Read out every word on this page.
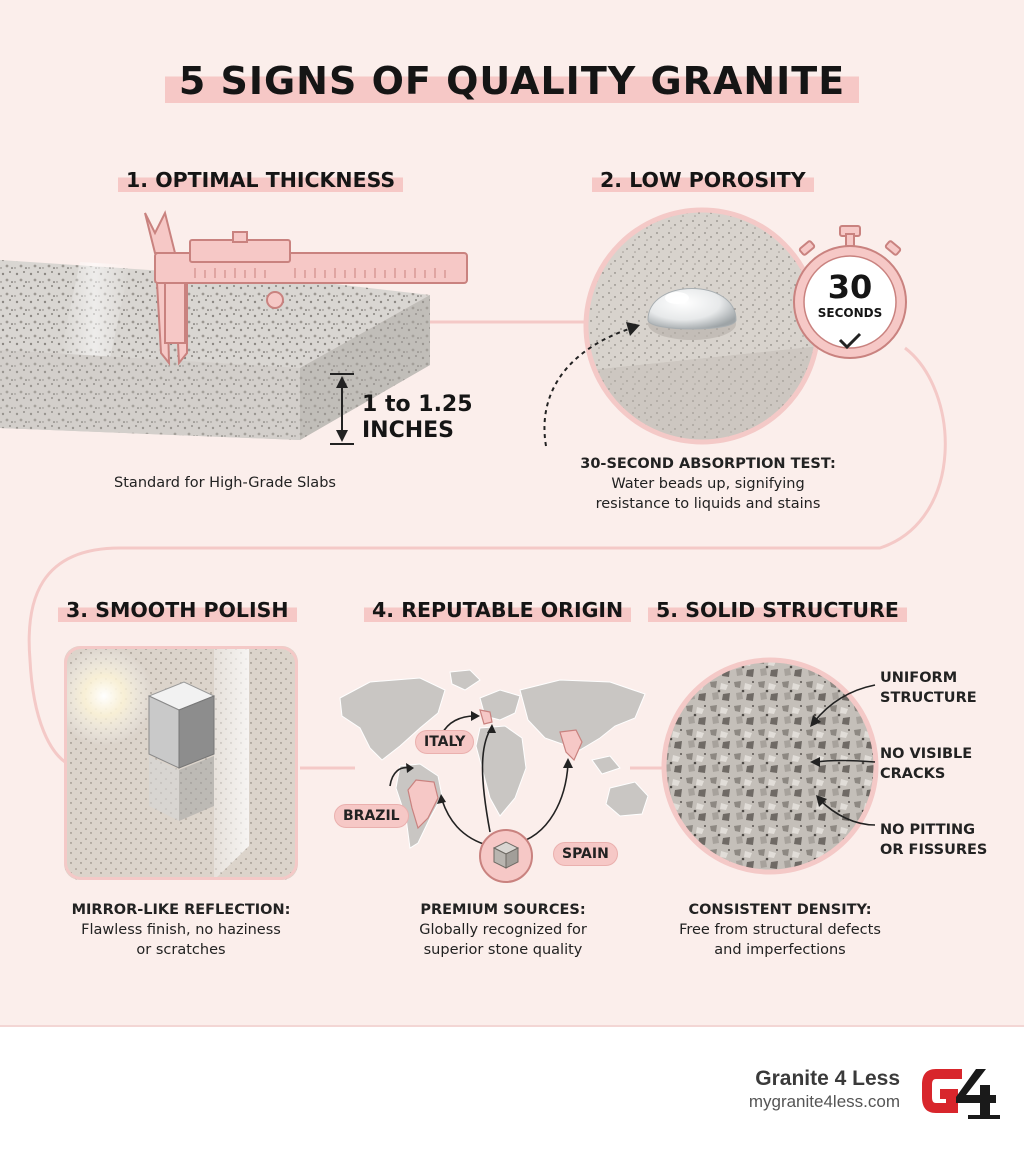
5 SIGNS OF QUALITY GRANITE
1. OPTIMAL THICKNESS
1 to 1.25
INCHES
Standard for High-Grade Slabs
2. LOW POROSITY
30
SECONDS
30-SECOND ABSORPTION TEST:
Water beads up, signifying
resistance to liquids and stains
3. SMOOTH POLISH
MIRROR-LIKE REFLECTION:
Flawless finish, no haziness
or scratches
4. REPUTABLE ORIGIN
ITALY
BRAZIL
SPAIN
PREMIUM SOURCES:
Globally recognized for
superior stone quality
5. SOLID STRUCTURE
UNIFORM
STRUCTURE
NO VISIBLE
CRACKS
NO PITTING
OR FISSURES
CONSISTENT DENSITY:
Free from structural defects
and imperfections
Granite 4 Less
mygranite4less.com
